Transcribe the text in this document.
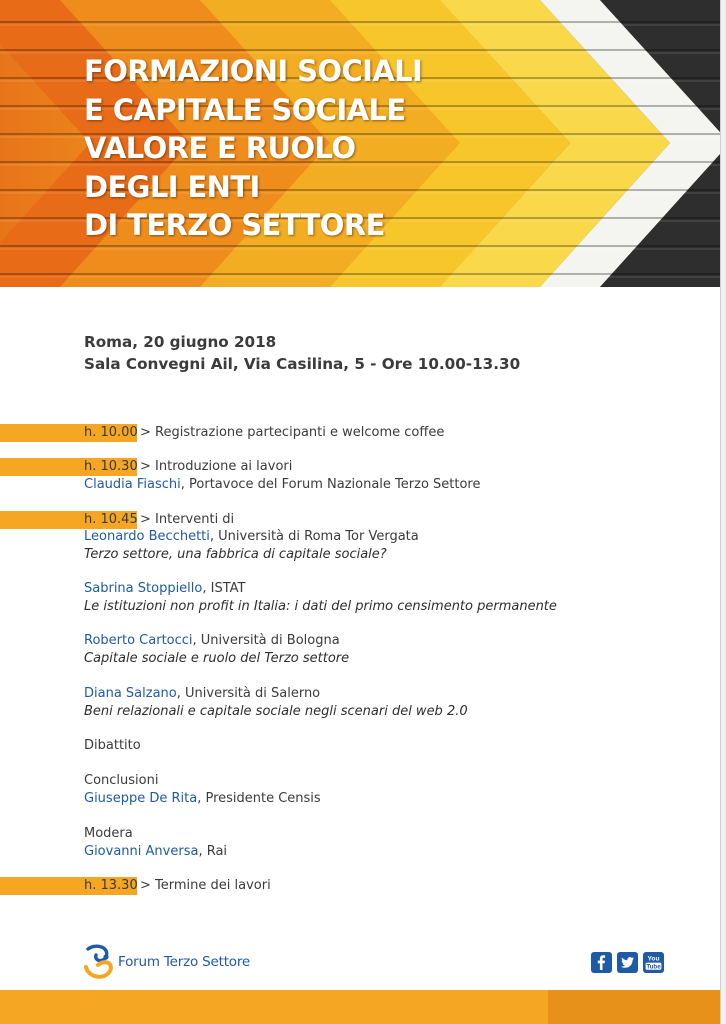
FORMAZIONI SOCIALI
E CAPITALE SOCIALE
VALORE E RUOLO
DEGLI ENTI
DI TERZO SETTORE
Roma, 20 giugno 2018
Sala Convegni Ail, Via Casilina, 5 - Ore 10.00-13.30
h. 10.00 > Registrazione partecipanti e welcome coffee
h. 10.30 > Introduzione ai lavori
Claudia Fiaschi, Portavoce del Forum Nazionale Terzo Settore
h. 10.45 > Interventi di
Leonardo Becchetti, Università di Roma Tor Vergata
Terzo settore, una fabbrica di capitale sociale?
Sabrina Stoppiello, ISTAT
Le istituzioni non profit in Italia: i dati del primo censimento permanente
Roberto Cartocci, Università di Bologna
Capitale sociale e ruolo del Terzo settore
Diana Salzano, Università di Salerno
Beni relazionali e capitale sociale negli scenari del web 2.0
Dibattito
Conclusioni
Giuseppe De Rita, Presidente Censis
Modera
Giovanni Anversa, Rai
h. 13.30 > Termine dei lavori
Forum Terzo Settore	You
Tube
